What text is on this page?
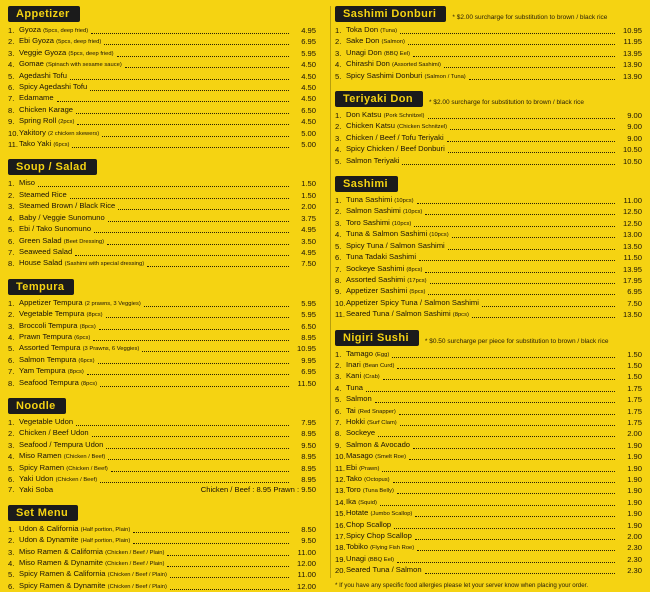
Appetizer
1. Gyoza (5pcs, deep fried)	4.95
2. Ebi Gyoza (5pcs, deep fried)	6.95
3. Veggie Gyoza (5pcs, deep fried)	5.95
4. Gomae (Spinach with sesame sauce)	4.50
5. Agedashi Tofu	4.50
6. Spicy Agedashi Tofu	4.50
7. Edamame	4.50
8. Chicken Karage	6.50
9. Spring Roll (2pcs)	4.50
10. Yakitory (2 chicken skewers)	5.00
11. Tako Yaki (6pcs)	5.00
Soup / Salad
1. Miso	1.50
2. Steamed Rice	1.50
3. Steamed Brown / Black Rice	2.00
4. Baby / Veggie Sunomuno	3.75
5. Ebi / Tako Sunomuno	4.95
6. Green Salad (Beet Dressing)	3.50
7. Seaweed Salad	4.95
8. House Salad (Sashimi with special dressing)	7.50
Tempura
1. Appetizer Tempura (2 prawns, 3 Veggies)	5.95
2. Vegetable Tempura (8pcs)	5.95
3. Broccoli Tempura (8pcs)	6.50
4. Prawn Tempura (6pcs)	8.95
5. Assorted Tempura (3 Prawns, 6 Veggies)	10.95
6. Salmon Tempura (6pcs)	9.95
7. Yam Tempura (8pcs)	6.95
8. Seafood Tempura (8pcs)	11.50
Noodle
1. Vegetable Udon	7.95
2. Chicken / Beef Udon	8.95
3. Seafood / Tempura Udon	9.50
4. Miso Ramen (Chicken / Beef)	8.95
5. Spicy Ramen (Chicken / Beef)	8.95
6. Yaki Udon (Chicken / Beef)	8.95
7. Yaki Soba	Chicken / Beef : 8.95 Prawn : 9.50
Set Menu
1. Udon & California (Half portion, Plain)	8.50
2. Udon & Dynamite (Half portion, Plain)	9.50
3. Miso Ramen & California (Chicken / Beef / Plain)	11.00
4. Miso Ramen & Dynamite (Chicken / Beef / Plain)	12.00
5. Spicy Ramen & California (Chicken / Beef / Plain)	11.00
6. Spicy Ramen & Dynamite (Chicken / Beef / Plain)	12.00
Sashimi Donburi	* $2.00 surcharge for substitution to brown / black rice
1. Toka Don (Tuna)	10.95
2. Sake Don (Salmon)	11.95
3. Unagi Don (BBQ Eel)	13.95
4. Chirashi Don (Assorted Sashimi)	13.90
5. Spicy Sashimi Donburi (Salmon / Tuna)	13.90
Teriyaki Don	* $2.00 surcharge for substitution to brown / black rice
1. Don Katsu (Pork Schnitzel)	9.00
2. Chicken Katsu (Chicken Schnitzel)	9.00
3. Chicken / Beef / Tofu Teriyaki	9.00
4. Spicy Chicken / Beef Donburi	10.50
5. Salmon Teriyaki	10.50
Sashimi
1. Tuna Sashimi (10pcs)	11.00
2. Salmon Sashimi (10pcs)	12.50
3. Toro Sashimi (10pcs)	12.50
4. Tuna & Salmon Sashimi (10pcs)	13.00
5. Spicy Tuna / Salmon Sashimi	13.50
6. Tuna Tadaki Sashimi	11.50
7. Sockeye Sashimi (8pcs)	13.95
8. Assorted Sashimi (17pcs)	17.95
9. Appetizer Sashimi (5pcs)	6.95
10. Appetizer Spicy Tuna / Salmon Sashimi	7.50
11. Seared Tuna / Salmon Sashimi (8pcs)	13.50
Nigiri Sushi	* $0.50 surcharge per piece for substitution to brown / black rice
1. Tamago (Egg)	1.50
2. Inari (Bean Curd)	1.50
3. Kani (Crab)	1.50
4. Tuna	1.75
5. Salmon	1.75
6. Tai (Red Snapper)	1.75
7. Hokki (Surf Clam)	1.75
8. Sockeye	2.00
9. Salmon & Avocado	1.90
10. Masago (Smelt Roe)	1.90
11. Ebi (Prawn)	1.90
12. Tako (Octopus)	1.90
13. Toro (Tuna Belly)	1.90
14. Ika (Squid)	1.90
15. Hotate (Jumbo Scallop)	1.90
16. Chop Scallop	1.90
17. Spicy Chop Scallop	2.00
18. Tobiko (Flying Fish Roe)	2.30
19. Unagi (BBQ Eel)	2.30
20. Seared Tuna / Salmon	2.30
* If you have any specific food allergies please let your server know when placing your order.
